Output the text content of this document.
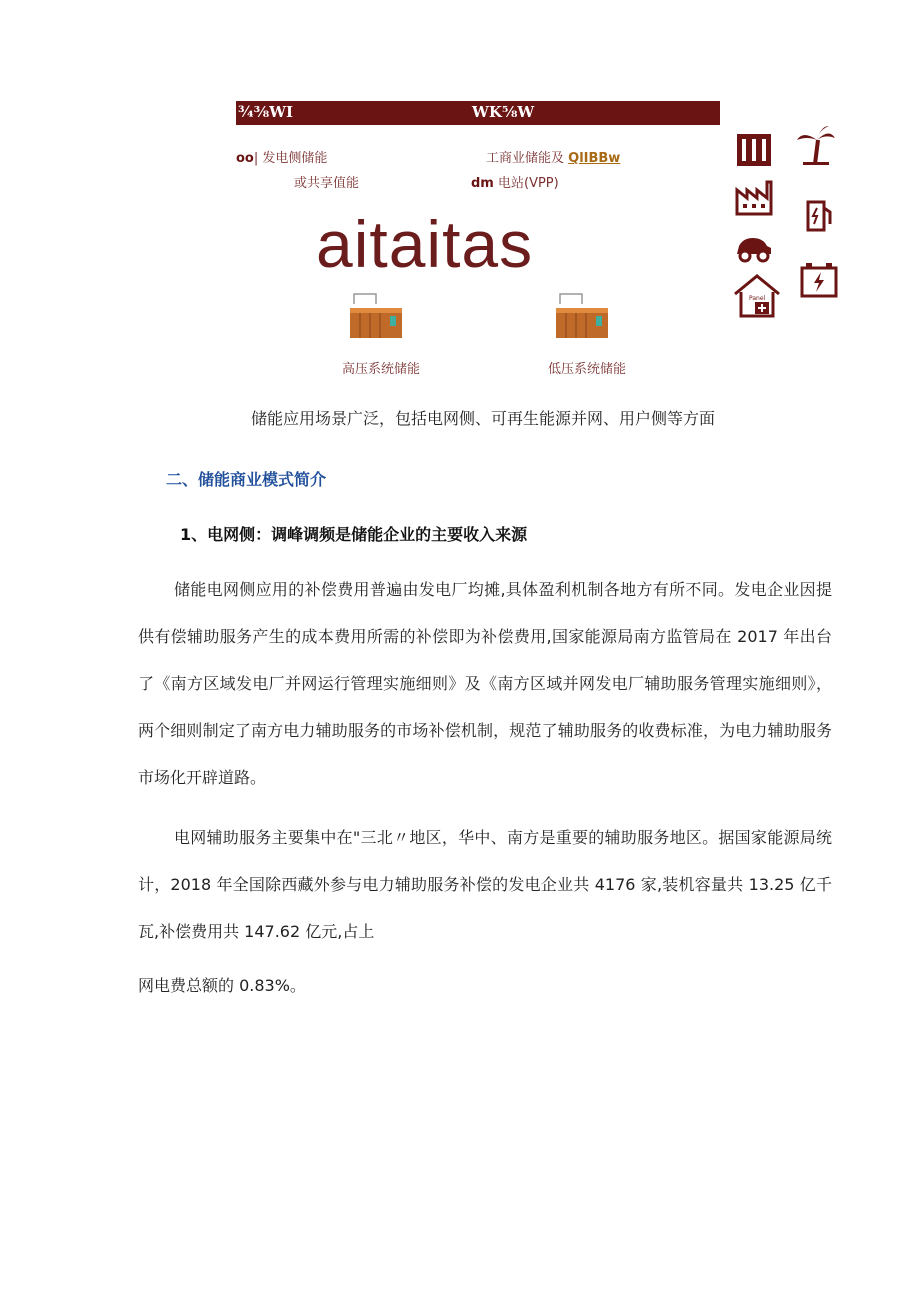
¾⅜WI	WK⅝W
oo| 发电侧储能
或共享值能
工商业储能及 QlIBBw
dm 电站(VPP)
aitaitas
高压系统储能	低压系统储能
Panel
储能应用场景广泛，包括电网侧、可再生能源并网、用户侧等方面
二、储能商业模式简介
1、电网侧：调峰调频是储能企业的主要收入来源

储能电网侧应用的补偿费用普遍由发电厂均摊,具体盈利机制各地方有所不同。发电企业因提供有偿辅助服务产生的成本费用所需的补偿即为补偿费用,国家能源局南方监管局在 2017 年出台了《南方区域发电厂并网运行管理实施细则》及《南方区域并网发电厂辅助服务管理实施细则》，两个细则制定了南方电力辅助服务的市场补偿机制，规范了辅助服务的收费标准，为电力辅助服务市场化开辟道路。

电网辅助服务主要集中在"三北〃地区，华中、南方是重要的辅助服务地区。据国家能源局统计，2018 年全国除西藏外参与电力辅助服务补偿的发电企业共 4176 家,装机容量共 13.25 亿千瓦,补偿费用共 147.62 亿元,占上

网电费总额的 0.83%。
